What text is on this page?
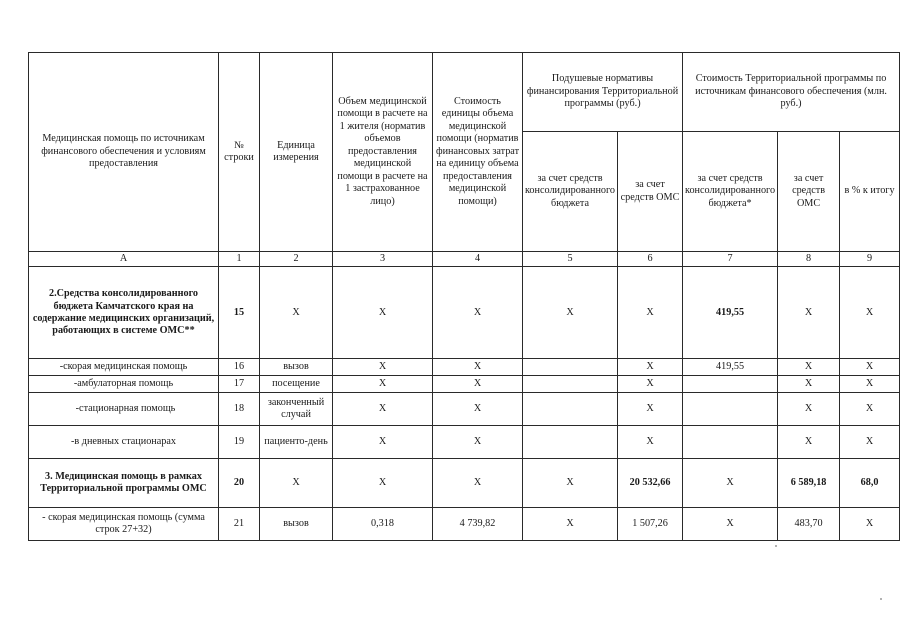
Медицинская помощь по источникам финансового обеспечения и условиям предоставления	№ строки	Единица измерения	Объем медицинской помощи в расчете на 1 жителя (норматив объемов предоставления медицинской помощи в расчете на 1 застрахованное лицо)	Стоимость единицы объема медицинской помощи (норматив финансовых затрат на единицу объема предоставления медицинской помощи)	Подушевые нормативы финансирования Территориальной программы (руб.)		Стоимость Территориальной программы по источникам финансового обеспечения (млн. руб.)		
					за счет средств консолидированного бюджета	за счет средств ОМС	за счет средств консолидированного бюджета*	за счет средств ОМС	в % к итогу
А	1	2	3	4	5	6	7	8	9
2.Средства консолидированного бюджета Камчатского края на содержание медицинских организаций, работающих в системе ОМС**	15	Х	Х	Х	Х	Х	419,55	Х	Х
-скорая медицинская помощь	16	вызов	Х	Х		Х	419,55	Х	Х
-амбулаторная помощь	17	посещение	Х	Х		Х		Х	Х
-стационарная помощь	18	законченный случай	Х	Х		Х		Х	Х
-в дневных стационарах	19	пациенто-день	Х	Х		Х		Х	Х
3. Медицинская помощь в рамках Территориальной программы ОМС	20	Х	Х	Х	Х	20 532,66	Х	6 589,18	68,0
- скорая медицинская помощь (сумма строк 27+32)	21	вызов	0,318	4 739,82	Х	1 507,26	Х	483,70	Х
